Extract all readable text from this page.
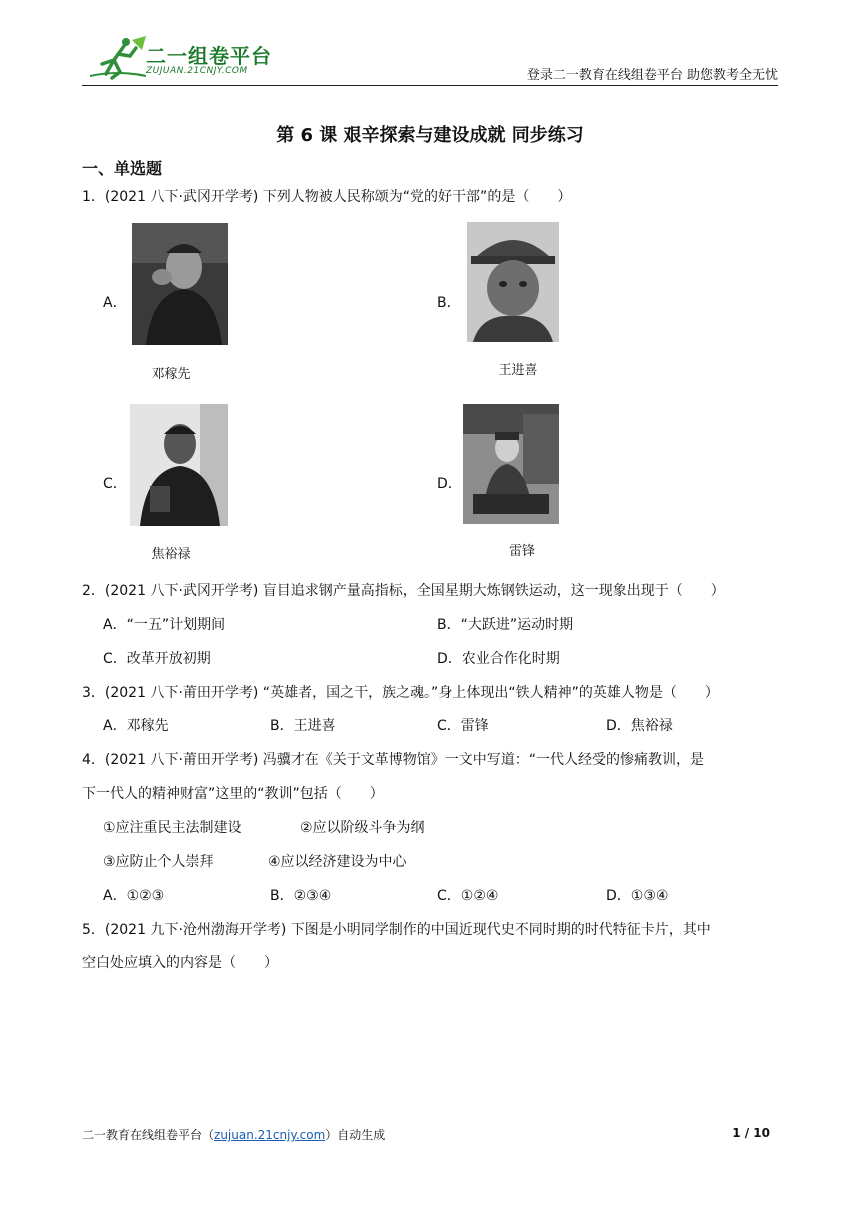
二一组卷平台
ZUJUAN.21CNJY.COM	登录二一教育在线组卷平台 助您教考全无忧
第 6 课 艰辛探索与建设成就 同步练习
一、单选题
1．(2021 八下·武冈开学考) 下列人物被人民称颂为“党的好干部”的是（　　）
A．
邓稼先
B．
王进喜
C．
焦裕禄
D．
雷锋
2．(2021 八下·武冈开学考) 盲目追求钢产量高指标，全国星期大炼钢铁运动，这一现象出现于（　　）
A．“一五”计划期间	B．“大跃进”运动时期
C．改革开放初期	D．农业合作化时期
3．(2021 八下·莆田开学考) “英雄者，国之干，族之魂。”身上体现出“铁人精神”的英雄人物是（　　）
A．邓稼先	B．王进喜	C．雷锋	D．焦裕禄
4．(2021 八下·莆田开学考) 冯骥才在《关于文革博物馆》一文中写道：“一代人经受的惨痛教训，是
下一代人的精神财富”这里的“教训”包括（　　）
①应注重民主法制建设	②应以阶级斗争为纲
③应防止个人崇拜	④应以经济建设为中心
A．①②③	B．②③④	C．①②④	D．①③④
5．(2021 九下·沧州渤海开学考) 下图是小明同学制作的中国近现代史不同时期的时代特征卡片，其中
空白处应填入的内容是（　　）
二一教育在线组卷平台（zujuan.21cnjy.com）自动生成	1 / 10
